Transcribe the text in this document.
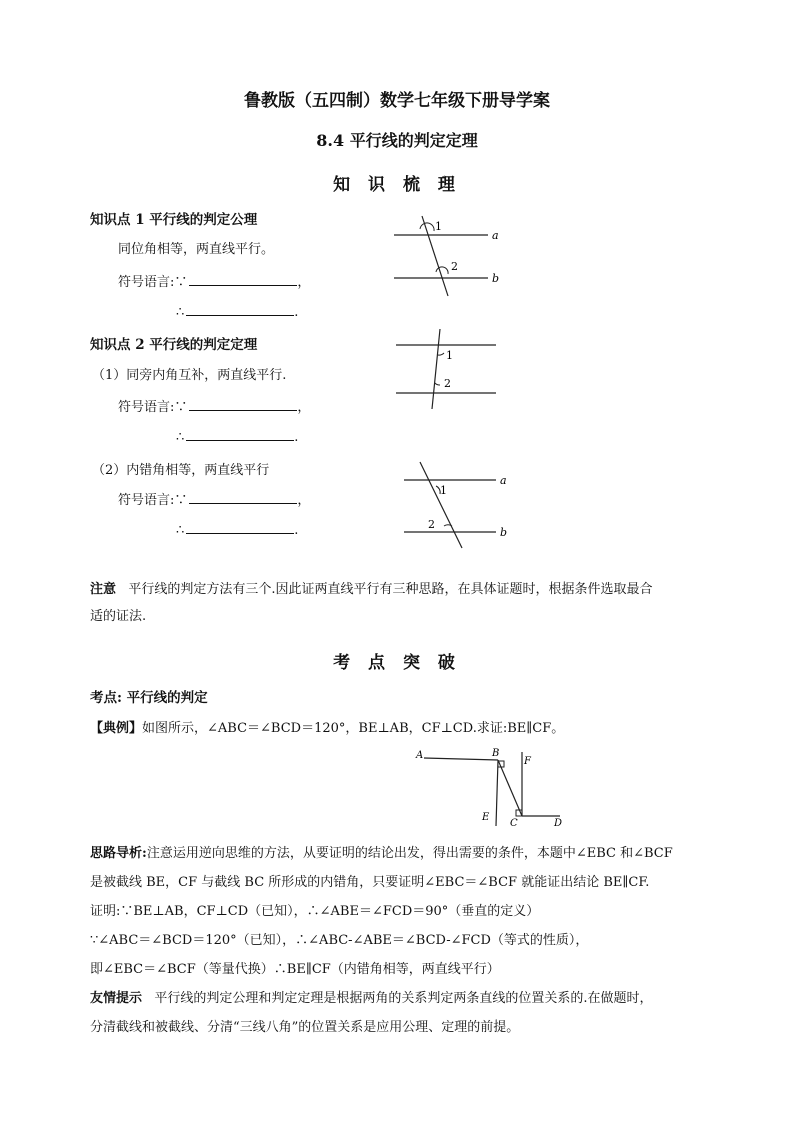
鲁教版（五四制）数学七年级下册导学案
8.4 平行线的判定定理
知 识 梳 理
知识点 1 平行线的判定公理
同位角相等，两直线平行。
符号语言:∵	，
∴	.
知识点 2 平行线的判定定理
（1）同旁内角互补，两直线平行.
符号语言:∵	，
∴	.
（2）内错角相等，两直线平行
符号语言:∵	，
∴	.
1
2
a
b
1
2
1
2
a
b
注意 平行线的判定方法有三个.因此证两直线平行有三种思路，在具体证题时，根据条件选取最合
适的证法.
考 点 突 破
考点: 平行线的判定
【典例】如图所示，∠ABC＝∠BCD＝120°，BE⊥AB，CF⊥CD.求证:BE∥CF。
A	B
F
E
C	D
思路导析:注意运用逆向思维的方法，从要证明的结论出发，得出需要的条件，本题中∠EBC 和∠BCF
是被截线 BE，CF 与截线 BC 所形成的内错角，只要证明∠EBC＝∠BCF 就能证出结论 BE∥CF.
证明:∵BE⊥AB，CF⊥CD（已知），∴∠ABE＝∠FCD＝90°（垂直的定义）
∵∠ABC＝∠BCD＝120°（已知），∴∠ABC-∠ABE＝∠BCD-∠FCD（等式的性质），
即∠EBC＝∠BCF（等量代换）∴BE∥CF（内错角相等，两直线平行）
友情提示 平行线的判定公理和判定定理是根据两角的关系判定两条直线的位置关系的.在做题时，
分清截线和被截线、分清“三线八角”的位置关系是应用公理、定理的前提。
